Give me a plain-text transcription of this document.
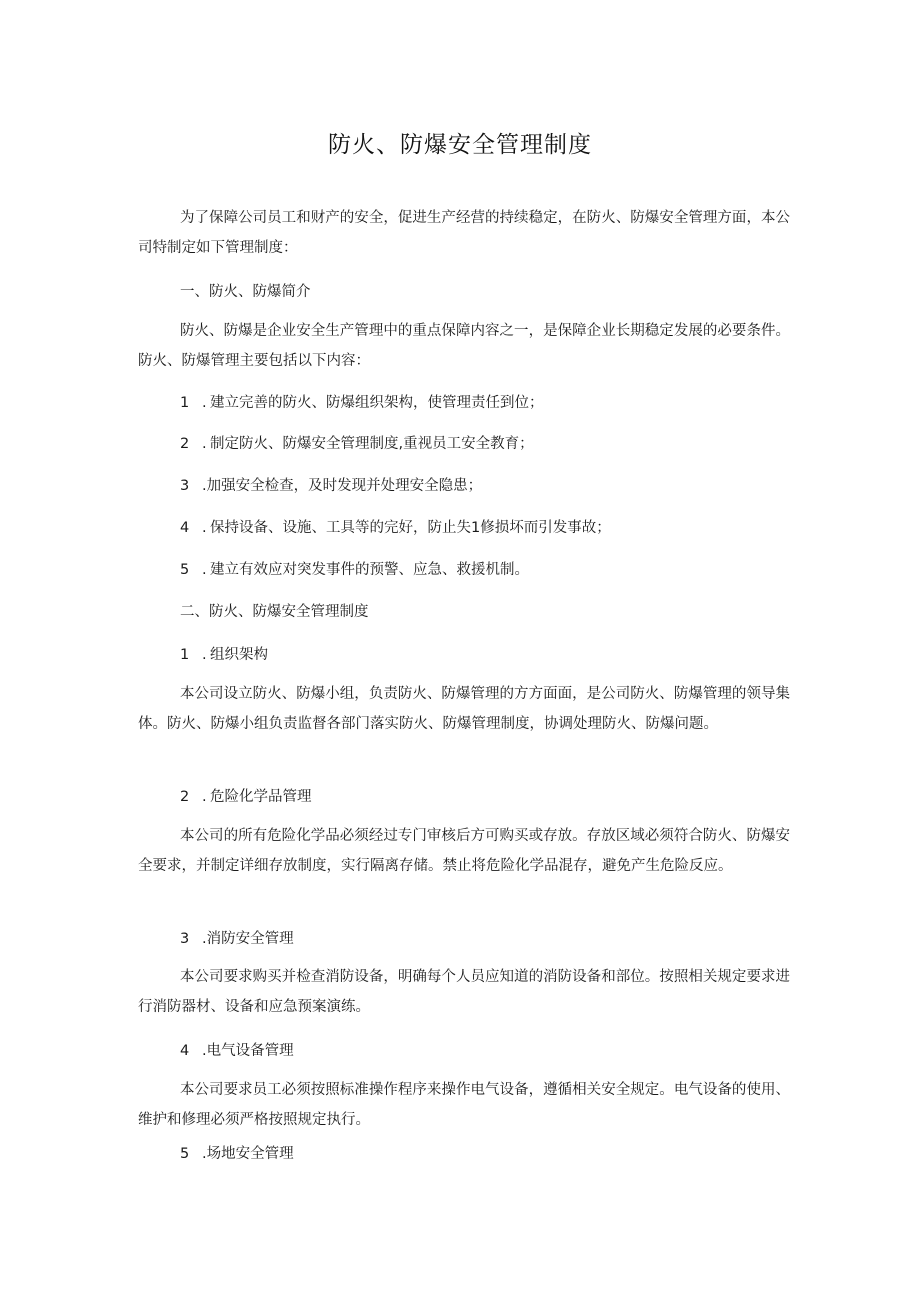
防火、防爆安全管理制度
为了保障公司员工和财产的安全，促进生产经营的持续稳定，在防火、防爆安全管理方面，本公司特制定如下管理制度：
一、防火、防爆简介
防火、防爆是企业安全生产管理中的重点保障内容之一，是保障企业长期稳定发展的必要条件。防火、防爆管理主要包括以下内容：
1 . 建立完善的防火、防爆组织架构，使管理责任到位；
2 . 制定防火、防爆安全管理制度,重视员工安全教育；
3 .加强安全检查，及时发现并处理安全隐患；
4 . 保持设备、设施、工具等的完好，防止失1修损坏而引发事故；
5 . 建立有效应对突发事件的预警、应急、救援机制。
二、防火、防爆安全管理制度
1 . 组织架构
本公司设立防火、防爆小组，负责防火、防爆管理的方方面面，是公司防火、防爆管理的领导集体。防火、防爆小组负责监督各部门落实防火、防爆管理制度，协调处理防火、防爆问题。
2 . 危险化学品管理
本公司的所有危险化学品必须经过专门审核后方可购买或存放。存放区域必须符合防火、防爆安全要求，并制定详细存放制度，实行隔离存储。禁止将危险化学品混存，避免产生危险反应。
3 .消防安全管理
本公司要求购买并检查消防设备，明确每个人员应知道的消防设备和部位。按照相关规定要求进行消防器材、设备和应急预案演练。
4 .电气设备管理
本公司要求员工必须按照标准操作程序来操作电气设备，遵循相关安全规定。电气设备的使用、维护和修理必须严格按照规定执行。
5 .场地安全管理
